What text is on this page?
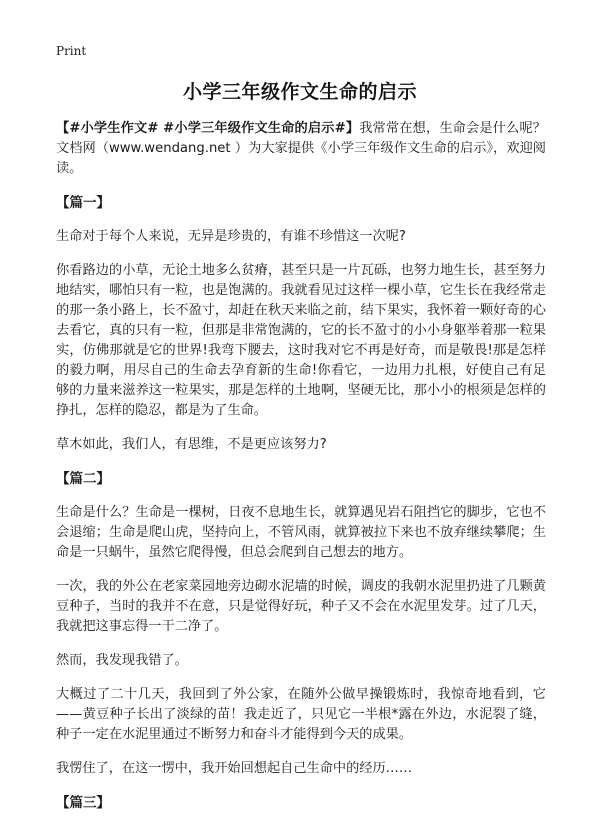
Print
小学三年级作文生命的启示

【#小学生作文# #小学三年级作文生命的启示#】我常常在想，生命会是什么呢？文档网（www.wendang.net ）为大家提供《小学三年级作文生命的启示》，欢迎阅读。

【篇一】

生命对于每个人来说，无异是珍贵的，有谁不珍惜这一次呢?

你看路边的小草，无论土地多么贫瘠，甚至只是一片瓦砾，也努力地生长，甚至努力地结实，哪怕只有一粒，也是饱满的。我就看见过这样一棵小草，它生长在我经常走的那一条小路上，长不盈寸，却赶在秋天来临之前，结下果实，我怀着一颗好奇的心去看它，真的只有一粒，但那是非常饱满的，它的长不盈寸的小小身躯举着那一粒果实，仿佛那就是它的世界!我弯下腰去，这时我对它不再是好奇，而是敬畏!那是怎样的毅力啊，用尽自己的生命去孕育新的生命!你看它，一边用力扎根，好使自己有足够的力量来滋养这一粒果实，那是怎样的土地啊，坚硬无比，那小小的根须是怎样的挣扎，怎样的隐忍，都是为了生命。

草木如此，我们人，有思维，不是更应该努力?

【篇二】

生命是什么？生命是一棵树，日夜不息地生长，就算遇见岩石阻挡它的脚步，它也不会退缩；生命是爬山虎，坚持向上，不管风雨，就算被拉下来也不放弃继续攀爬；生命是一只蜗牛，虽然它爬得慢，但总会爬到自己想去的地方。

一次，我的外公在老家菜园地旁边砌水泥墙的时候，调皮的我朝水泥里扔进了几颗黄豆种子，当时的我并不在意，只是觉得好玩，种子又不会在水泥里发芽。过了几天，我就把这事忘得一干二净了。

然而，我发现我错了。

大概过了二十几天，我回到了外公家，在随外公做早操锻炼时，我惊奇地看到，它——黄豆种子长出了淡绿的苗！我走近了，只见它一半根*露在外边，水泥裂了缝，种子一定在水泥里通过不断努力和奋斗才能得到今天的成果。

我愣住了，在这一愣中，我开始回想起自己生命中的经历……

【篇三】
